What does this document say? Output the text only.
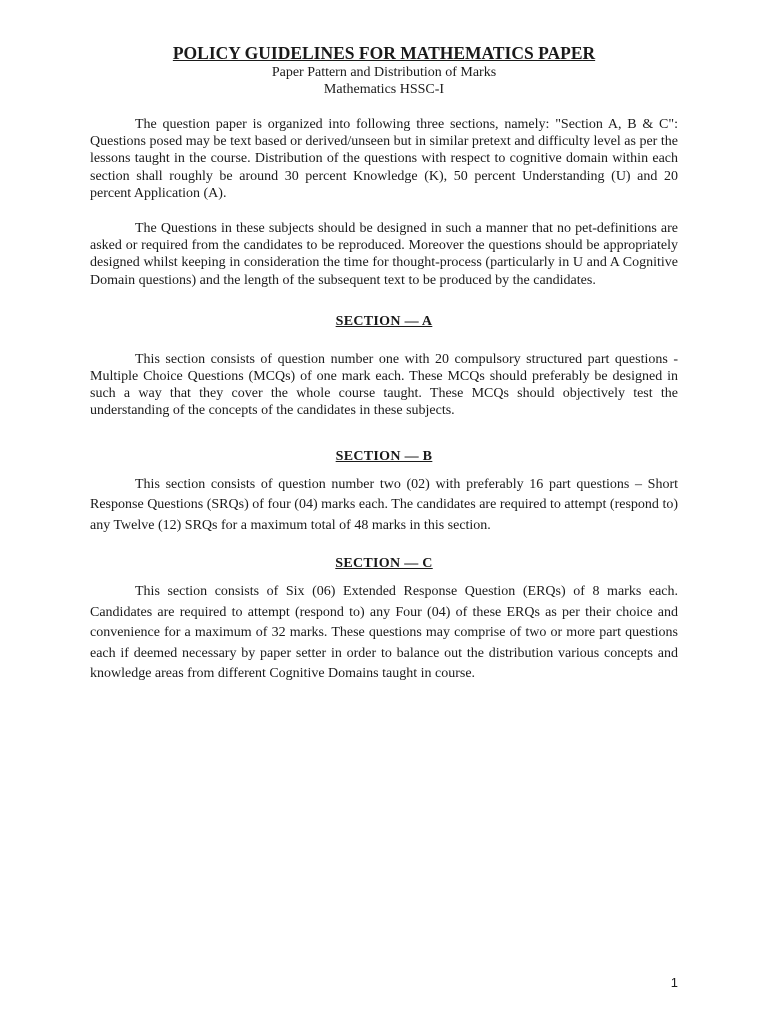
POLICY GUIDELINES FOR MATHEMATICS PAPER
Paper Pattern and Distribution of Marks
Mathematics HSSC-I

The question paper is organized into following three sections, namely: "Section A, B & C": Questions posed may be text based or derived/unseen but in similar pretext and difficulty level as per the lessons taught in the course. Distribution of the questions with respect to cognitive domain within each section shall roughly be around 30 percent Knowledge (K), 50 percent Understanding (U) and 20 percent Application (A).

The Questions in these subjects should be designed in such a manner that no pet-definitions are asked or required from the candidates to be reproduced. Moreover the questions should be appropriately designed whilst keeping in consideration the time for thought-process (particularly in U and A Cognitive Domain questions) and the length of the subsequent text to be produced by the candidates.

SECTION — A

This section consists of question number one with 20 compulsory structured part questions - Multiple Choice Questions (MCQs) of one mark each. These MCQs should preferably be designed in such a way that they cover the whole course taught. These MCQs should objectively test the understanding of the concepts of the candidates in these subjects.

SECTION — B

This section consists of question number two (02) with preferably 16 part questions – Short Response Questions (SRQs) of four (04) marks each. The candidates are required to attempt (respond to) any Twelve (12) SRQs for a maximum total of 48 marks in this section.

SECTION — C

This section consists of Six (06) Extended Response Question (ERQs) of 8 marks each. Candidates are required to attempt (respond to) any Four (04) of these ERQs as per their choice and convenience for a maximum of 32 marks. These questions may comprise of two or more part questions each if deemed necessary by paper setter in order to balance out the distribution various concepts and knowledge areas from different Cognitive Domains taught in course.

1
